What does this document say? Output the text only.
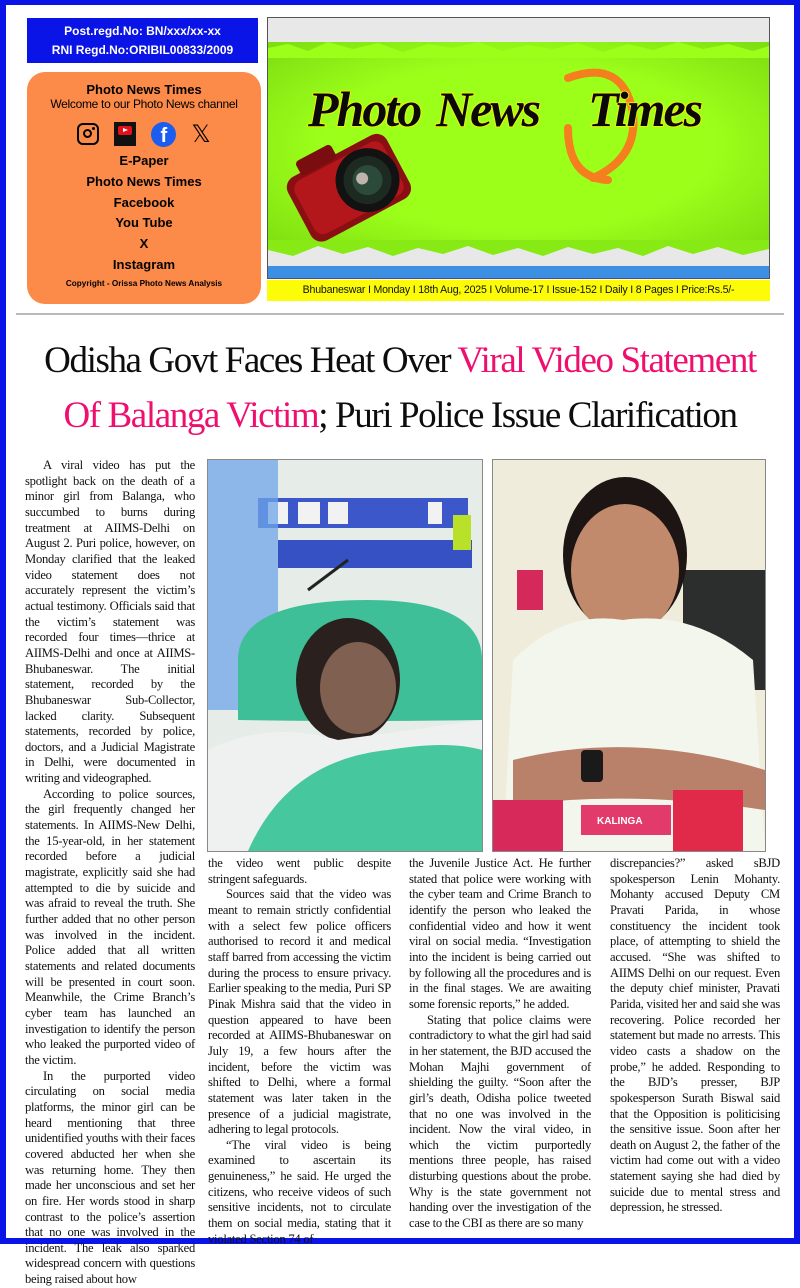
Post.regd.No: BN/xxx/xx-xx
RNI Regd.No:ORIBIL00833/2009
Photo News Times
Welcome to our Photo News channel
f	𝕏
E-Paper
Photo News Times
Facebook
You Tube
X
Instagram
Copyright - Orissa Photo News Analysis
Photo News Times
Bhubaneswar I Monday I 18th Aug, 2025 I Volume-17 I Issue-152 I Daily I 8 Pages I Price:Rs.5/-
Odisha Govt Faces Heat Over Viral Video Statement
Of Balanga Victim; Puri Police Issue Clarification
KALINGA

A viral video has put the spotlight back on the death of a minor girl from Balanga, who succumbed to burns during treatment at AIIMS-Delhi on August 2. Puri police, however, on Monday clarified that the leaked video statement does not accurately represent the victim’s actual testimony. Officials said that the victim’s statement was recorded four times—thrice at AIIMS-Delhi and once at AIIMS-Bhubaneswar. The initial statement, recorded by the Bhubaneswar Sub-Collector, lacked clarity. Subsequent statements, recorded by police, doctors, and a Judicial Magistrate in Delhi, were documented in writing and videographed.

According to police sources, the girl frequently changed her statements. In AIIMS-New Delhi, the 15-year-old, in her statement recorded before a judicial magistrate, explicitly said she had attempted to die by suicide and was afraid to reveal the truth. She further added that no other person was involved in the incident. Police added that all written statements and related documents will be presented in court soon. Meanwhile, the Crime Branch’s cyber team has launched an investigation to identify the person who leaked the purported video of the victim.

In the purported video circulating on social media platforms, the minor girl can be heard mentioning that three unidentified youths with their faces covered abducted her when she was returning home. They then made her unconscious and set her on fire. Her words stood in sharp contrast to the police’s assertion that no one was involved in the incident. The leak also sparked widespread concern with questions being raised about how

the video went public despite stringent safeguards.

Sources said that the video was meant to remain strictly confidential with a select few police officers authorised to record it and medical staff barred from accessing the victim during the process to ensure privacy. Earlier speaking to the media, Puri SP Pinak Mishra said that the video in question appeared to have been recorded at AIIMS-Bhubaneswar on July 19, a few hours after the incident, before the victim was shifted to Delhi, where a formal statement was later taken in the presence of a judicial magistrate, adhering to legal protocols.

“The viral video is being examined to ascertain its genuineness,” he said. He urged the citizens, who receive videos of such sensitive incidents, not to circulate them on social media, stating that it violated Section 74 of

the Juvenile Justice Act. He further stated that police were working with the cyber team and Crime Branch to identify the person who leaked the confidential video and how it went viral on social media. “Investigation into the incident is being carried out by following all the procedures and is in the final stages. We are awaiting some forensic reports,” he added.

Stating that police claims were contradictory to what the girl had said in her statement, the BJD accused the Mohan Majhi government of shielding the guilty. “Soon after the girl’s death, Odisha police tweeted that no one was involved in the incident. Now the viral video, in which the victim purportedly mentions three people, has raised disturbing questions about the probe. Why is the state government not handing over the investigation of the case to the CBI as there are so many

discrepancies?” asked sBJD spokesperson Lenin Mohanty. Mohanty accused Deputy CM Pravati Parida, in whose constituency the incident took place, of attempting to shield the accused. “She was shifted to AIIMS Delhi on our request. Even the deputy chief minister, Pravati Parida, visited her and said she was recovering. Police recorded her statement but made no arrests. This video casts a shadow on the probe,” he added. Responding to the BJD’s presser, BJP spokesperson Surath Biswal said that the Opposition is politicising the sensitive issue. Soon after her death on August 2, the father of the victim had come out with a video statement saying she had died by suicide due to mental stress and depression, he stressed.
